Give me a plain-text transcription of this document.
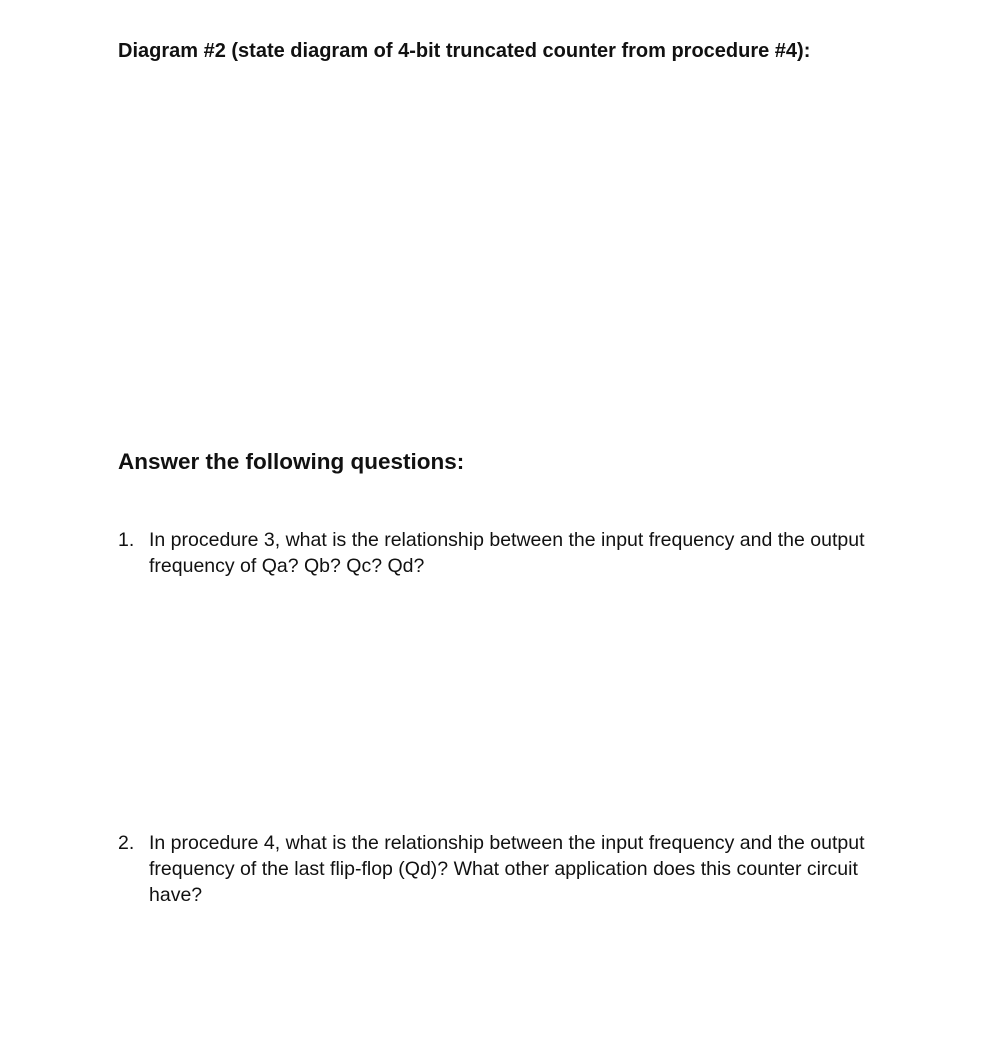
Diagram #2 (state diagram of 4-bit truncated counter from procedure #4):
Answer the following questions:
1. In procedure 3, what is the relationship between the input frequency and the output frequency of Qa? Qb? Qc? Qd?
2. In procedure 4, what is the relationship between the input frequency and the output frequency of the last flip-flop (Qd)? What other application does this counter circuit have?
